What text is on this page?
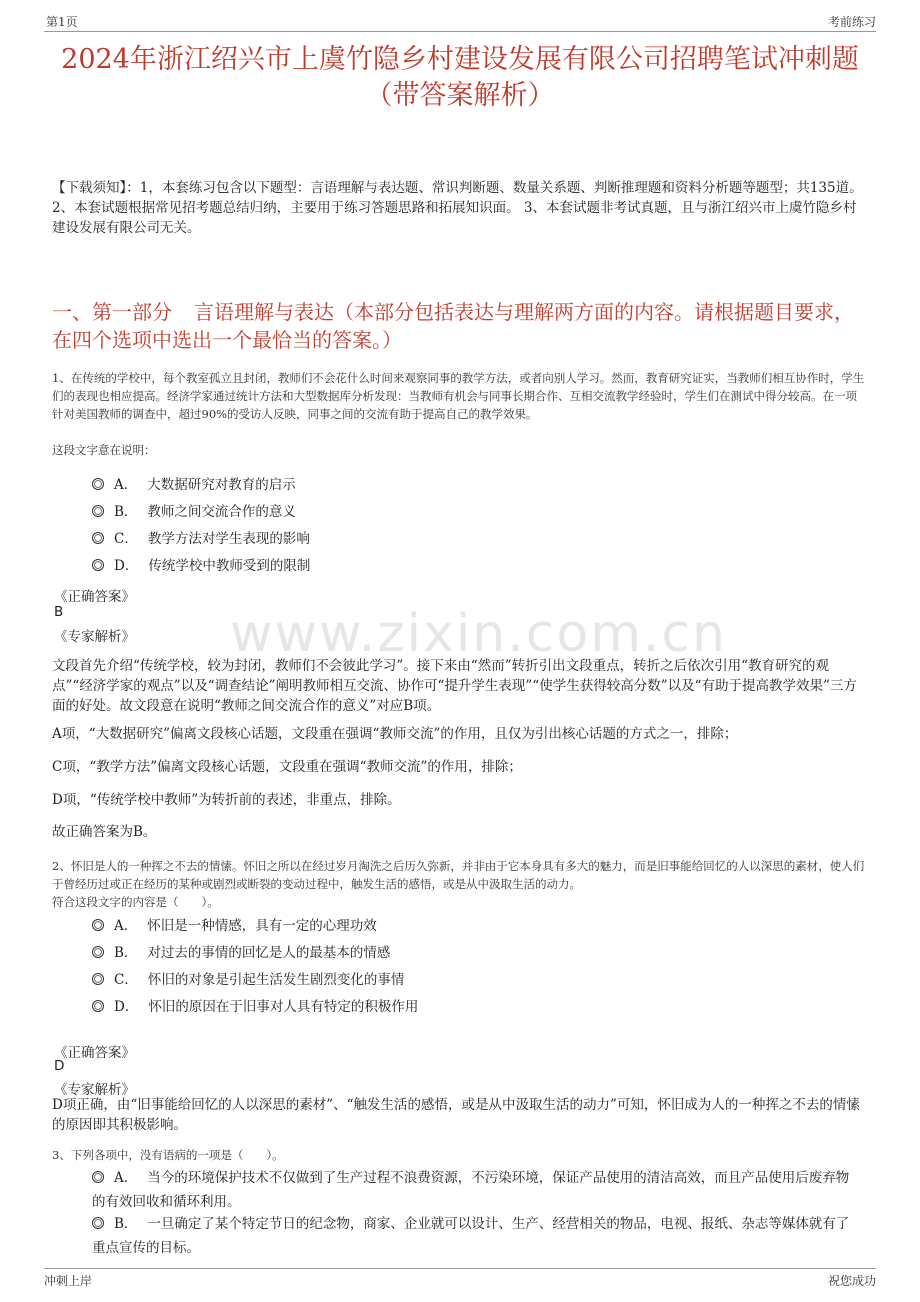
第1页	考前练习
www.zixin.com.cn
2024年浙江绍兴市上虞竹隐乡村建设发展有限公司招聘笔试冲刺题（带答案解析）
【下载须知】：1，本套练习包含以下题型：言语理解与表达题、常识判断题、数量关系题、判断推理题和资料分析题等题型；共135道。 2、本套试题根据常见招考题总结归纳，主要用于练习答题思路和拓展知识面。 3、本套试题非考试真题，且与浙江绍兴市上虞竹隐乡村建设发展有限公司无关。
一、第一部分 言语理解与表达（本部分包括表达与理解两方面的内容。请根据题目要求，在四个选项中选出一个最恰当的答案。）
1、在传统的学校中，每个教室孤立且封闭，教师们不会花什么时间来观察同事的教学方法，或者向别人学习。然而，教育研究证实，当教师们相互协作时，学生们的表现也相应提高。经济学家通过统计方法和大型数据库分析发现：当教师有机会与同事长期合作、互相交流教学经验时，学生们在测试中得分较高。在一项针对美国教师的调查中，超过90%的受访人反映，同事之间的交流有助于提高自己的教学效果。
这段文字意在说明：
A． 大数据研究对教育的启示
B． 教师之间交流合作的意义
C． 教学方法对学生表现的影响
D． 传统学校中教师受到的限制
《正确答案》
B
《专家解析》
文段首先介绍“传统学校，较为封闭，教师们不会彼此学习”。接下来由“然而”转折引出文段重点，转折之后依次引用“教育研究的观点”“经济学家的观点”以及“调查结论”阐明教师相互交流、协作可“提升学生表现”“使学生获得较高分数”以及“有助于提高教学效果”三方面的好处。故文段意在说明“教师之间交流合作的意义”对应B项。
A项，“大数据研究”偏离文段核心话题，文段重在强调“教师交流”的作用，且仅为引出核心话题的方式之一，排除；
C项，“教学方法”偏离文段核心话题，文段重在强调“教师交流”的作用，排除；
D项，“传统学校中教师”为转折前的表述，非重点，排除。
故正确答案为B。
2、怀旧是人的一种挥之不去的情愫。怀旧之所以在经过岁月淘洗之后历久弥新，并非由于它本身具有多大的魅力，而是旧事能给回忆的人以深思的素材，使人们于曾经历过或正在经历的某种或剧烈或断裂的变动过程中，触发生活的感悟，或是从中汲取生活的动力。
符合这段文字的内容是（　　）。
A． 怀旧是一种情感，具有一定的心理功效
B． 对过去的事情的回忆是人的最基本的情感
C． 怀旧的对象是引起生活发生剧烈变化的事情
D． 怀旧的原因在于旧事对人具有特定的积极作用
《正确答案》
D
《专家解析》
D项正确，由“旧事能给回忆的人以深思的素材”、“触发生活的感悟，或是从中汲取生活的动力”可知，怀旧成为人的一种挥之不去的情愫的原因即其积极影响。
3、下列各项中，没有语病的一项是（　　）。
A． 当今的环境保护技术不仅做到了生产过程不浪费资源，不污染环境，保证产品使用的清洁高效，而且产品使用后废弃物的有效回收和循环利用。
B． 一旦确定了某个特定节日的纪念物，商家、企业就可以设计、生产、经营相关的物品，电视、报纸、杂志等媒体就有了重点宣传的目标。
冲刺上岸	祝您成功
